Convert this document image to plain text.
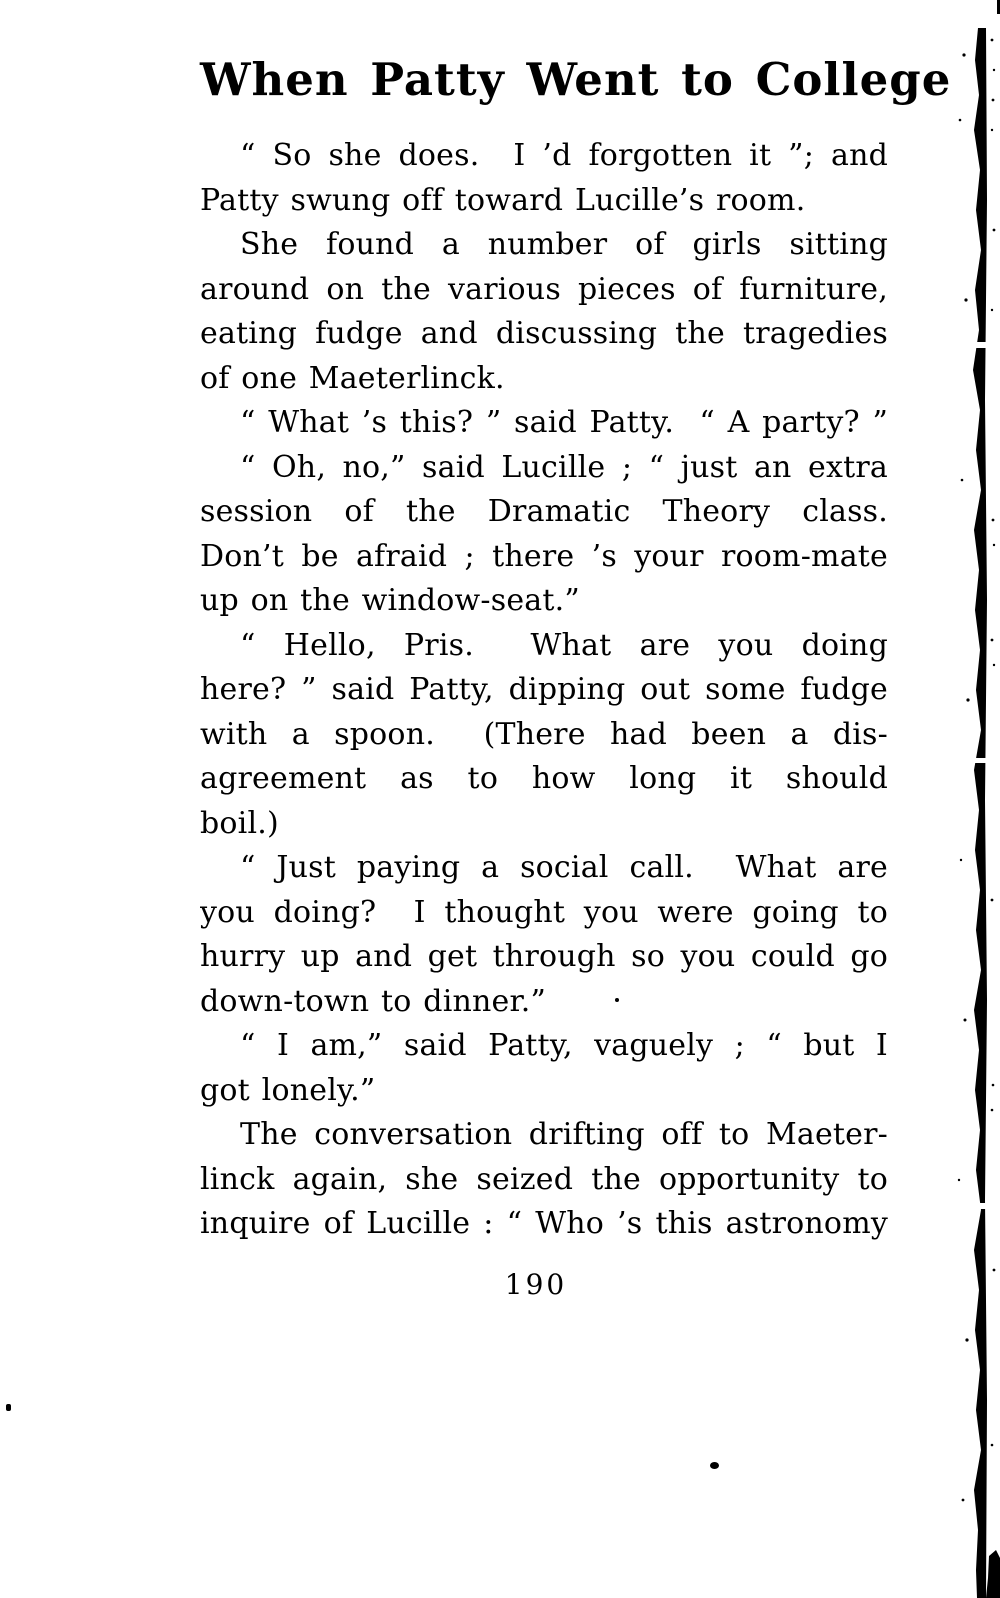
When Patty Went to College
“ So she does.  I ’d forgotten it ”; and
Patty swung off toward Lucille’s room.
She found a number of girls sitting
around on the various pieces of furniture,
eating fudge and discussing the tragedies
of one Maeterlinck.
“ What ’s this? ” said Patty.  “ A party? ”
“ Oh, no,” said Lucille ; “ just an extra
session of the Dramatic Theory class.
Don’t be afraid ; there ’s your room-mate
up on the window-seat.”
“ Hello, Pris.  What are you doing
here? ” said Patty, dipping out some fudge
with a spoon.  (There had been a dis-
agreement as to how long it should
boil.)
“ Just paying a social call.  What are
you doing?  I thought you were going to
hurry up and get through so you could go
down-town to dinner.”
“ I am,” said Patty, vaguely ; “ but I
got lonely.”
The conversation drifting off to Maeter-
linck again, she seized the opportunity to
inquire of Lucille : “ Who ’s this astronomy
190
